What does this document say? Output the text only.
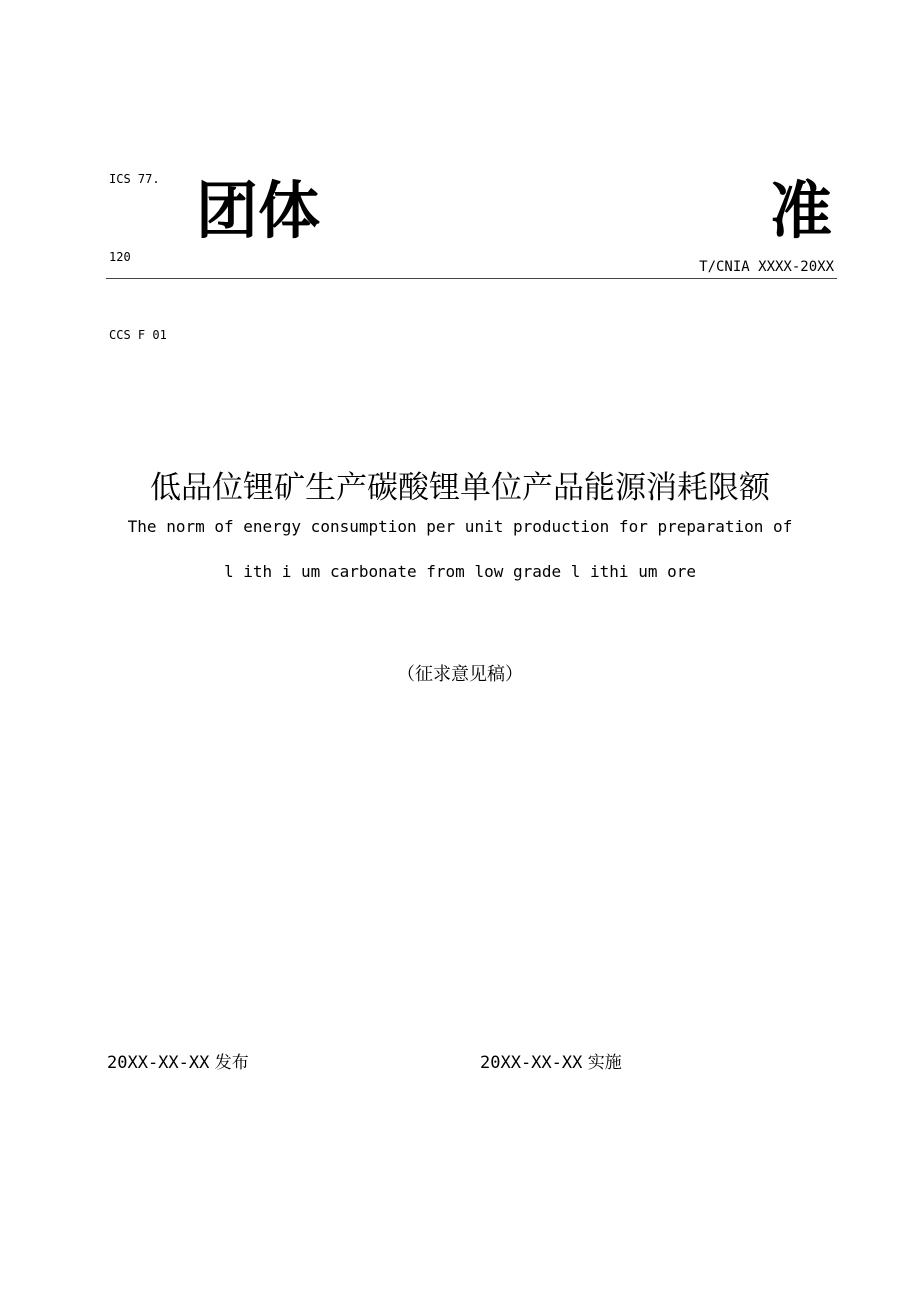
ICS 77.

120

CCS F 01

团体	准
T/CNIA XXXX-20XX
低品位锂矿生产碳酸锂单位产品能源消耗限额
The norm of energy consumption per unit production for preparation of
l ith i um carbonate from low grade l ithi um ore
（征求意见稿）
20XX-XX-XX 发布	20XX-XX-XX 实施
